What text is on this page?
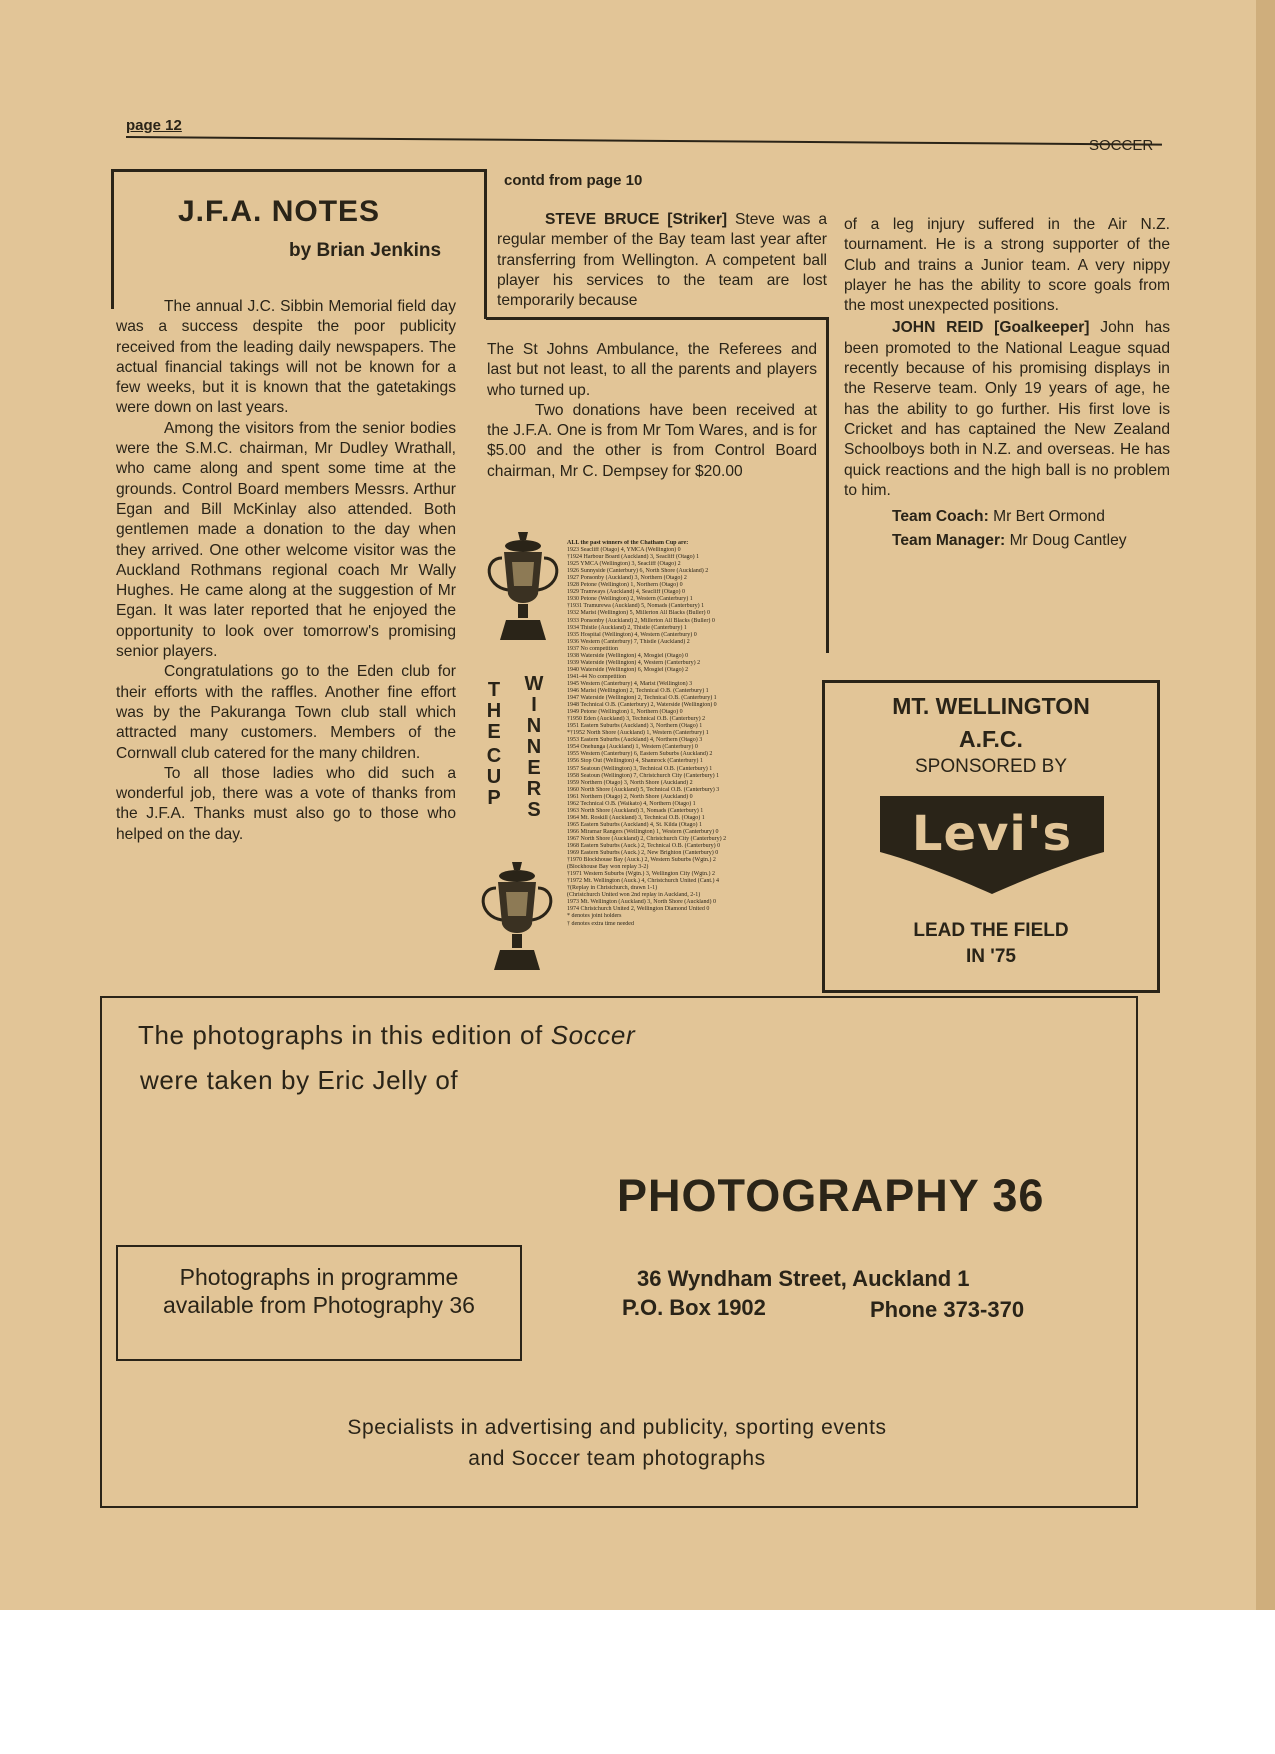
page 12
SOCCER
J.F.A. NOTES
by Brian Jenkins

The annual J.C. Sibbin Memorial field day was a success despite the poor publicity received from the leading daily newspapers. The actual financial takings will not be known for a few weeks, but it is known that the gatetakings were down on last years.

Among the visitors from the senior bodies were the S.M.C. chairman, Mr Dudley Wrathall, who came along and spent some time at the grounds. Control Board members Messrs. Arthur Egan and Bill McKinlay also attended. Both gentlemen made a donation to the day when they arrived. One other welcome visitor was the Auckland Rothmans regional coach Mr Wally Hughes. He came along at the suggestion of Mr Egan. It was later reported that he enjoyed the opportunity to look over tomorrow's promising senior players.

Congratulations go to the Eden club for their efforts with the raffles. Another fine effort was by the Pakuranga Town club stall which attracted many customers. Members of the Cornwall club catered for the many children.

To all those ladies who did such a wonderful job, there was a vote of thanks from the J.F.A. Thanks must also go to those who helped on the day.

contd from page 10

STEVE BRUCE [Striker] Steve was a regular member of the Bay team last year after transferring from Wellington. A competent ball player his services to the team are lost temporarily because

The St Johns Ambulance, the Referees and last but not least, to all the parents and players who turned up.

Two donations have been received at the J.F.A. One is from Mr Tom Wares, and is for $5.00 and the other is from Control Board chairman, Mr C. Dempsey for $20.00

of a leg injury suffered in the Air N.Z. tournament. He is a strong supporter of the Club and trains a Junior team. A very nippy player he has the ability to score goals from the most unexpected positions.

JOHN REID [Goalkeeper] John has been promoted to the National League squad recently because of his promising displays in the Reserve team. Only 19 years of age, he has the ability to go further. His first love is Cricket and has captained the New Zealand Schoolboys both in N.Z. and overseas. He has quick reactions and the high ball is no problem to him.

Team Coach: Mr Bert Ormond

Team Manager: Mr Doug Cantley

T
H
E
C
U
P
W
I
N
N
E
R
S
ALL the past winners of the Chatham Cup are:
1923 Seacliff (Otago) 4, YMCA (Wellington) 0
†1924 Harbour Board (Auckland) 3, Seacliff (Otago) 1
1925 YMCA (Wellington) 3, Seacliff (Otago) 2
1926 Sunnyside (Canterbury) 6, North Shore (Auckland) 2
1927 Ponsonby (Auckland) 3, Northern (Otago) 2
1928 Petone (Wellington) 1, Northern (Otago) 0
1929 Tramways (Auckland) 4, Seacliff (Otago) 0
1930 Petone (Wellington) 2, Western (Canterbury) 1
†1931 Tramurewa (Auckland) 5, Nomads (Canterbury) 1
1932 Marist (Wellington) 5, Millerton All Blacks (Buller) 0
1933 Ponsonby (Auckland) 2, Millerton All Blacks (Buller) 0
1934 Thistle (Auckland) 2, Thistle (Canterbury) 1
1935 Hospital (Wellington) 4, Western (Canterbury) 0
1936 Western (Canterbury) 7, Thistle (Auckland) 2
1937 No competition
1938 Waterside (Wellington) 4, Mosgiel (Otago) 0
1939 Waterside (Wellington) 4, Western (Canterbury) 2
1940 Waterside (Wellington) 6, Mosgiel (Otago) 2
1941-44 No competition
1945 Western (Canterbury) 4, Marist (Wellington) 3
1946 Marist (Wellington) 2, Technical O.B. (Canterbury) 1
1947 Waterside (Wellington) 2, Technical O.B. (Canterbury) 1
1948 Technical O.B. (Canterbury) 2, Waterside (Wellington) 0
1949 Petone (Wellington) 1, Northern (Otago) 0
†1950 Eden (Auckland) 3, Technical O.B. (Canterbury) 2
1951 Eastern Suburbs (Auckland) 3, Northern (Otago) 1
*†1952 North Shore (Auckland) 1, Western (Canterbury) 1
1953 Eastern Suburbs (Auckland) 4, Northern (Otago) 3
1954 Onehunga (Auckland) 1, Western (Canterbury) 0
1955 Western (Canterbury) 6, Eastern Suburbs (Auckland) 2
1956 Stop Out (Wellington) 4, Shamrock (Canterbury) 1
1957 Seatoun (Wellington) 3, Technical O.B. (Canterbury) 1
1958 Seatoun (Wellington) 7, Christchurch City (Canterbury) 1
1959 Northern (Otago) 3, North Shore (Auckland) 2
1960 North Shore (Auckland) 5, Technical O.B. (Canterbury) 3
1961 Northern (Otago) 2, North Shore (Auckland) 0
1962 Technical O.B. (Waikato) 4, Northern (Otago) 1
1963 North Shore (Auckland) 3, Nomads (Canterbury) 1
1964 Mt. Roskill (Auckland) 3, Technical O.B. (Otago) 1
1965 Eastern Suburbs (Auckland) 4, St. Kilda (Otago) 1
1966 Miramar Rangers (Wellington) 1, Western (Canterbury) 0
1967 North Shore (Auckland) 2, Christchurch City (Canterbury) 2
1968 Eastern Suburbs (Auck.) 2, Technical O.B. (Canterbury) 0
1969 Eastern Suburbs (Auck.) 2, New Brighton (Canterbury) 0
†1970 Blockhouse Bay (Auck.) 2, Western Suburbs (Wgtn.) 2
(Blockhouse Bay won replay 3-2)
†1971 Western Suburbs (Wgtn.) 3, Wellington City (Wgtn.) 2
†1972 Mt. Wellington (Auck.) 4, Christchurch United (Cant.) 4
†(Replay in Christchurch, drawn 1-1)
(Christchurch United won 2nd replay in Auckland, 2-1)
1973 Mt. Wellington (Auckland) 3, North Shore (Auckland) 0
1974 Christchurch United 2, Wellington Diamond United 0
* denotes joint holders
† denotes extra time needed
MT. WELLINGTON
A.F.C.
SPONSORED BY
Levi's
LEAD THE FIELD
IN '75
The photographs in this edition of Soccer
were taken by Eric Jelly of
PHOTOGRAPHY 36
Photographs in programme
available from Photography 36
36 Wyndham Street, Auckland 1
P.O. Box 1902	Phone 373-370
Specialists in advertising and publicity, sporting events
and Soccer team photographs
